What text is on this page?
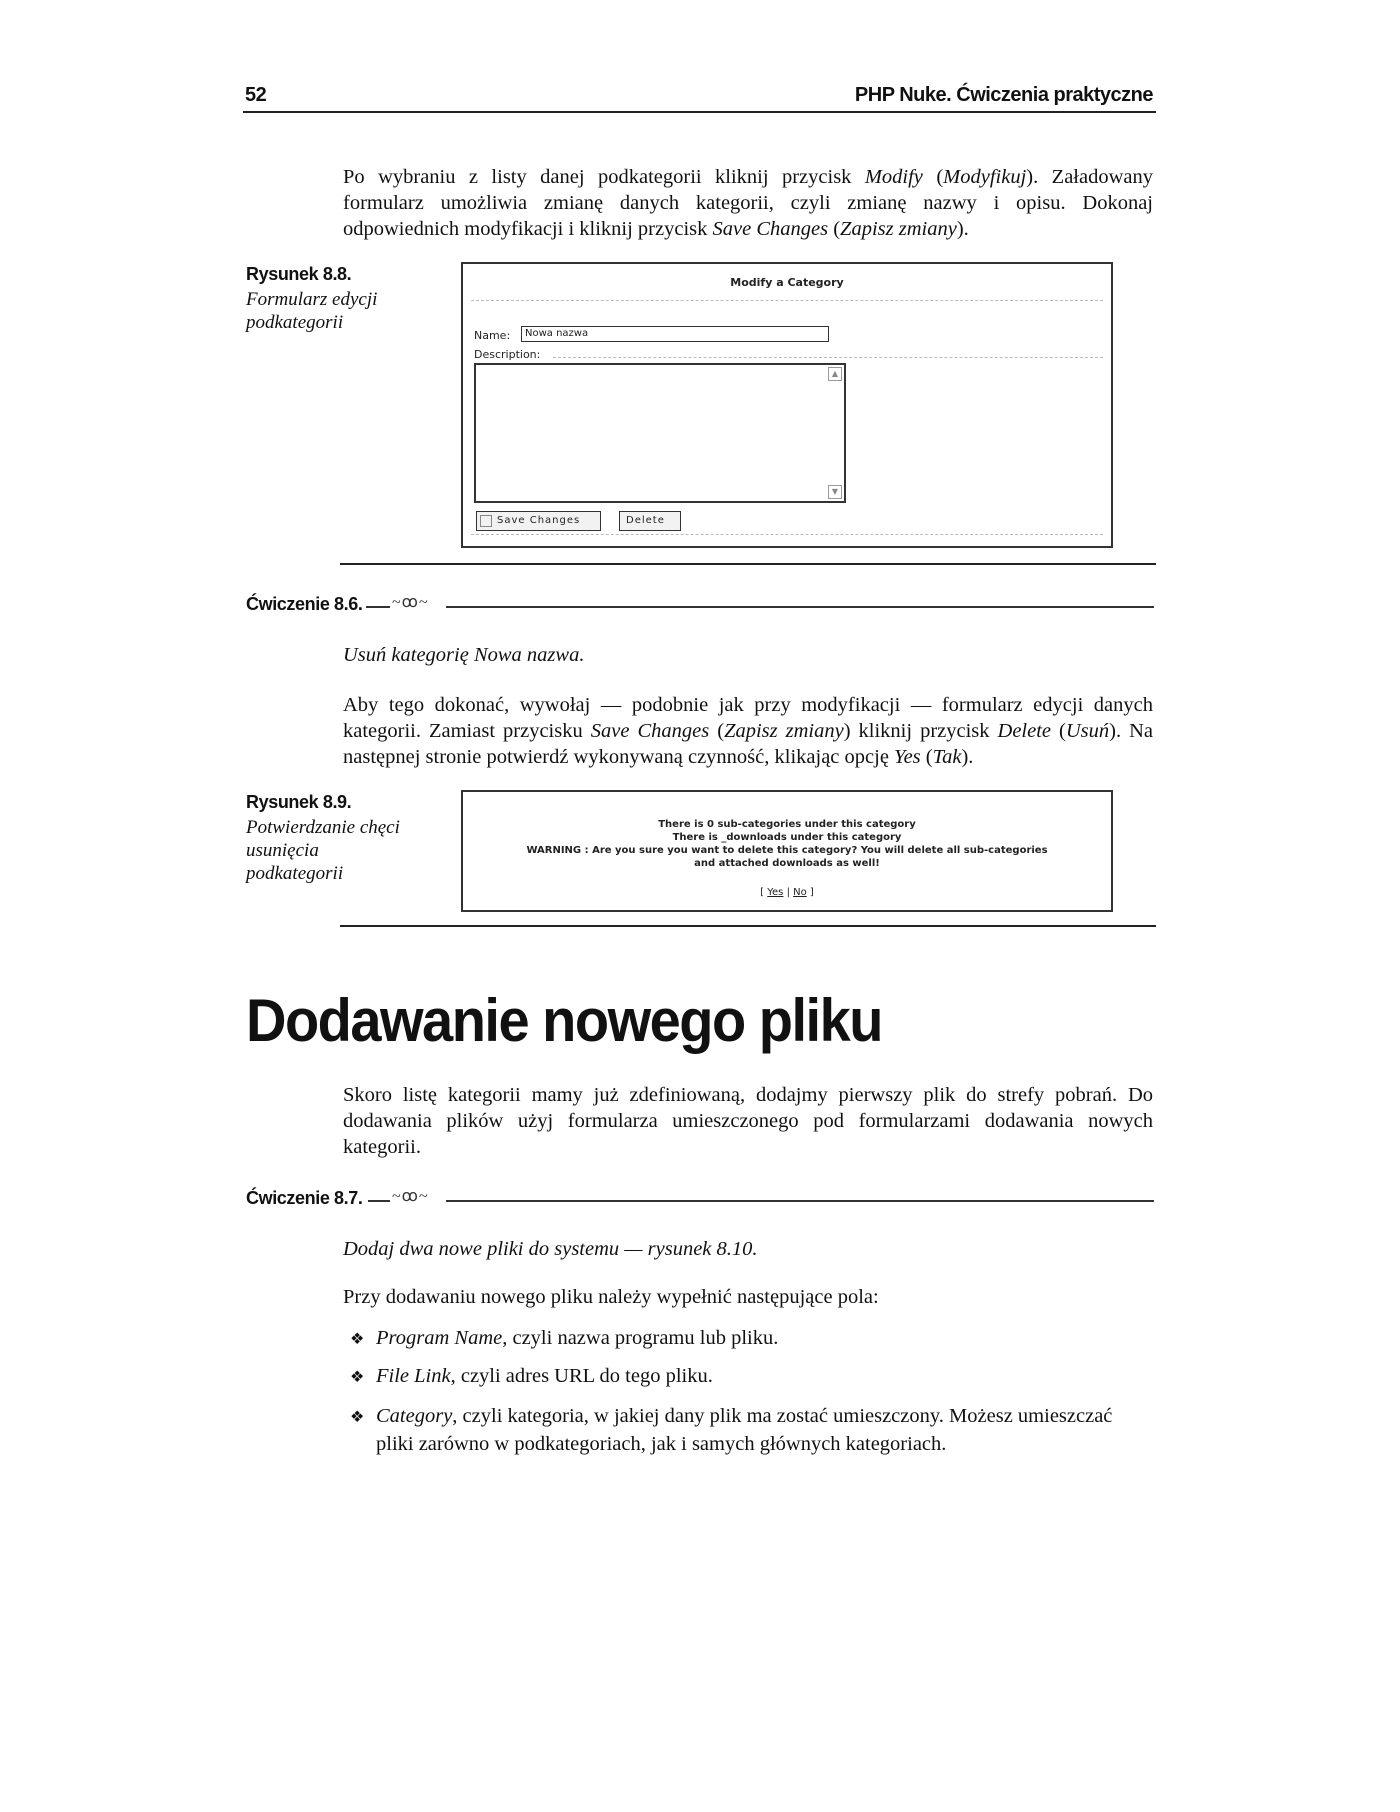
52	PHP Nuke. Ćwiczenia praktyczne
Po wybraniu z listy danej podkategorii kliknij przycisk Modify (Modyfikuj). Załadowany formularz umożliwia zmianę danych kategorii, czyli zmianę nazwy i opisu. Dokonaj odpowiednich modyfikacji i kliknij przycisk Save Changes (Zapisz zmiany).
Rysunek 8.8.
Formularz edycji podkategorii
Modify a Category
Name:	Nowa nazwa
Description:
▲
▼
Save Changes	Delete
Ćwiczenie 8.6. ~ꝏ~
Usuń kategorię Nowa nazwa.
Aby tego dokonać, wywołaj — podobnie jak przy modyfikacji — formularz edycji danych kategorii. Zamiast przycisku Save Changes (Zapisz zmiany) kliknij przycisk Delete (Usuń). Na następnej stronie potwierdź wykonywaną czynność, klikając opcję Yes (Tak).
Rysunek 8.9.
Potwierdzanie chęci usunięcia podkategorii
There is 0 sub-categories under this category
There is _downloads under this category
WARNING : Are you sure you want to delete this category? You will delete all sub-categories
and attached downloads as well!
[ Yes | No ]
Dodawanie nowego pliku
Skoro listę kategorii mamy już zdefiniowaną, dodajmy pierwszy plik do strefy pobrań. Do dodawania plików użyj formularza umieszczonego pod formularzami dodawania nowych kategorii.
Ćwiczenie 8.7. ~ꝏ~
Dodaj dwa nowe pliki do systemu — rysunek 8.10.
Przy dodawaniu nowego pliku należy wypełnić następujące pola:
❖ Program Name, czyli nazwa programu lub pliku.
❖ File Link, czyli adres URL do tego pliku.
❖ Category, czyli kategoria, w jakiej dany plik ma zostać umieszczony. Możesz umieszczać pliki zarówno w podkategoriach, jak i samych głównych kategoriach.
